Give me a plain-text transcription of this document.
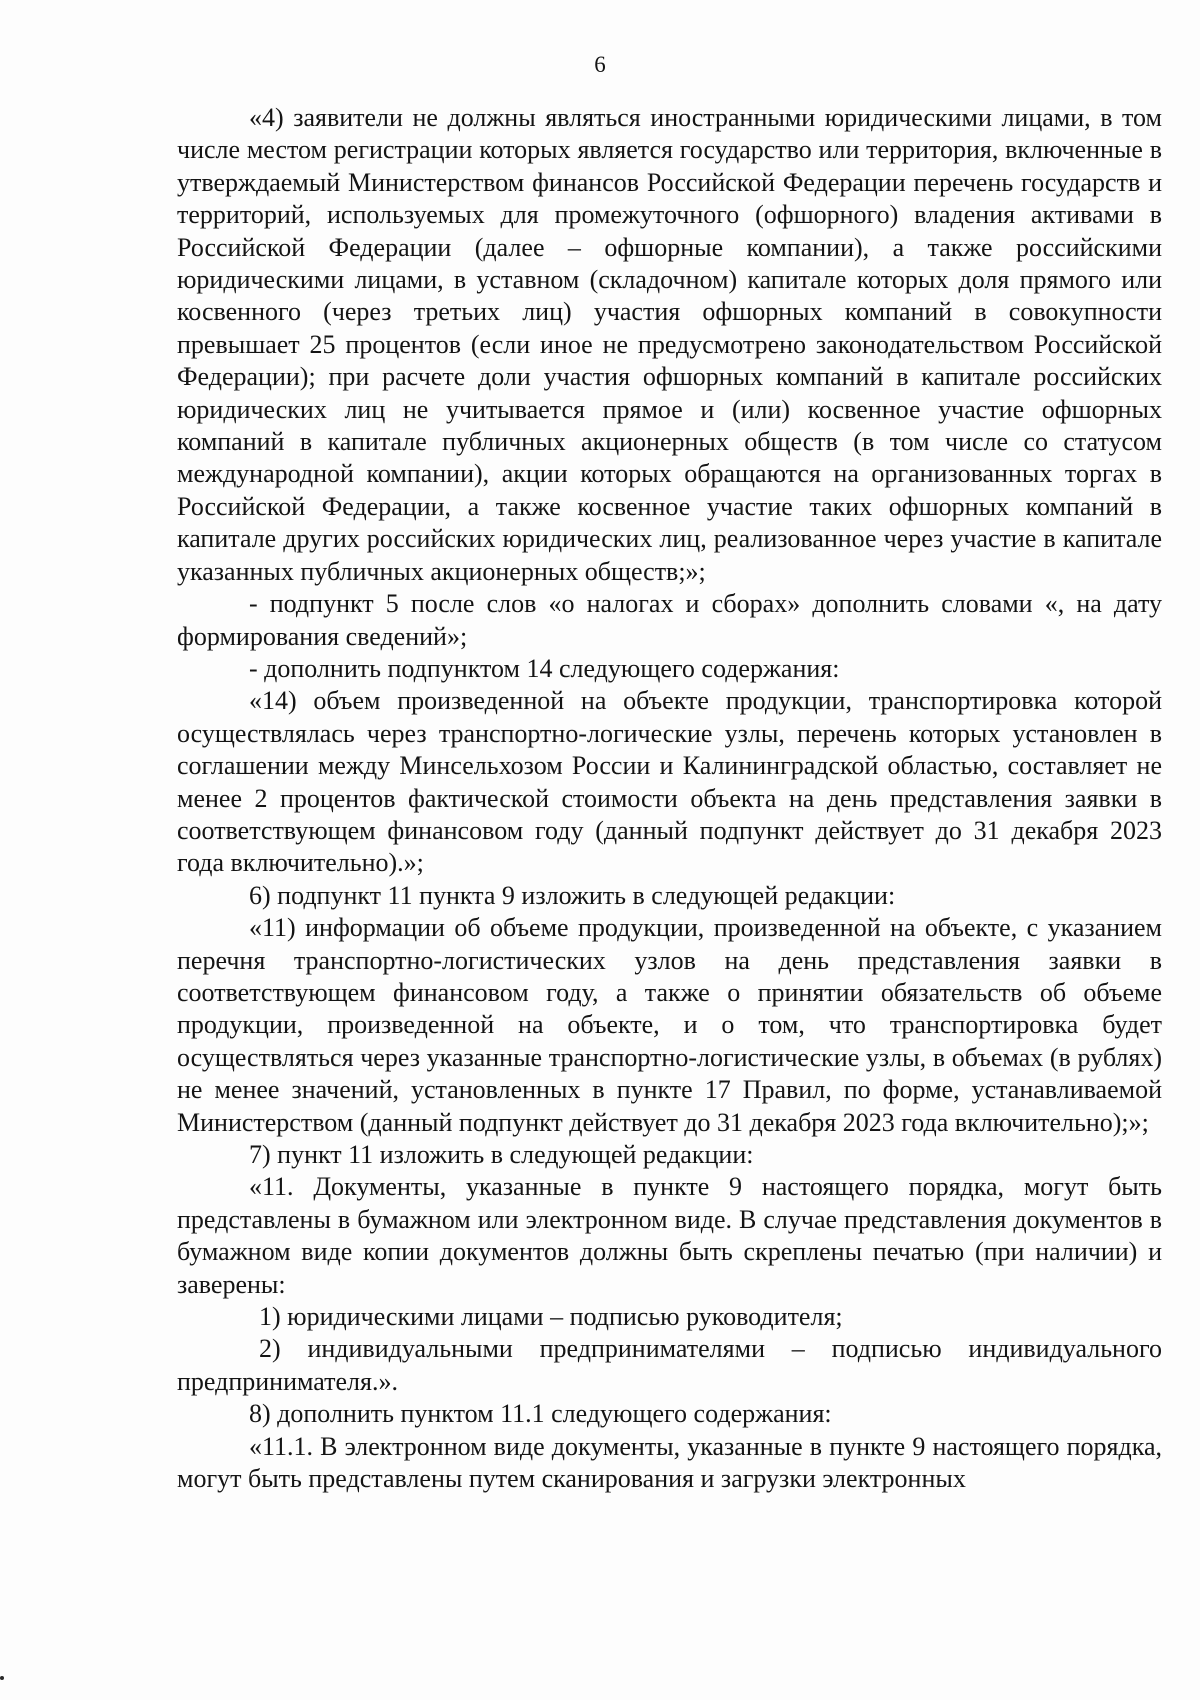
6

«4) заявители не должны являться иностранными юридическими лицами, в том числе местом регистрации которых является государство или территория, включенные в утверждаемый Министерством финансов Российской Федерации перечень государств и территорий, используемых для промежуточного (офшорного) владения активами в Российской Федерации (далее – офшорные компании), а также российскими юридическими лицами, в уставном (складочном) капитале которых доля прямого или косвенного (через третьих лиц) участия офшорных компаний в совокупности превышает 25 процентов (если иное не предусмотрено законодательством Российской Федерации); при расчете доли участия офшорных компаний в капитале российских юридических лиц не учитывается прямое и (или) косвенное участие офшорных компаний в капитале публичных акционерных обществ (в том числе со статусом международной компании), акции которых обращаются на организованных торгах в Российской Федерации, а также косвенное участие таких офшорных компаний в капитале других российских юридических лиц, реализованное через участие в капитале указанных публичных акционерных обществ;»;

- подпункт 5 после слов «о налогах и сборах» дополнить словами «, на дату формирования сведений»;

- дополнить подпунктом 14 следующего содержания:

«14) объем произведенной на объекте продукции, транспортировка которой осуществлялась через транспортно-логические узлы, перечень которых установлен в соглашении между Минсельхозом России и Калининградской областью, составляет не менее 2 процентов фактической стоимости объекта на день представления заявки в соответствующем финансовом году (данный подпункт действует до 31 декабря 2023 года включительно).»;

6) подпункт 11 пункта 9 изложить в следующей редакции:

«11) информации об объеме продукции, произведенной на объекте, с указанием перечня транспортно-логистических узлов на день представления заявки в соответствующем финансовом году, а также о принятии обязательств об объеме продукции, произведенной на объекте, и о том, что транспортировка будет осуществляться через указанные транспортно-логистические узлы, в объемах (в рублях) не менее значений, установленных в пункте 17 Правил, по форме, устанавливаемой Министерством (данный подпункт действует до 31 декабря 2023 года включительно);»;

7) пункт 11 изложить в следующей редакции:

«11. Документы, указанные в пункте 9 настоящего порядка, могут быть представлены в бумажном или электронном виде. В случае представления документов в бумажном виде копии документов должны быть скреплены печатью (при наличии) и заверены:

1) юридическими лицами – подписью руководителя;

2) индивидуальными предпринимателями – подписью индивидуального предпринимателя.».

8) дополнить пунктом 11.1 следующего содержания:

«11.1. В электронном виде документы, указанные в пункте 9 настоящего порядка, могут быть представлены путем сканирования и загрузки электронных
